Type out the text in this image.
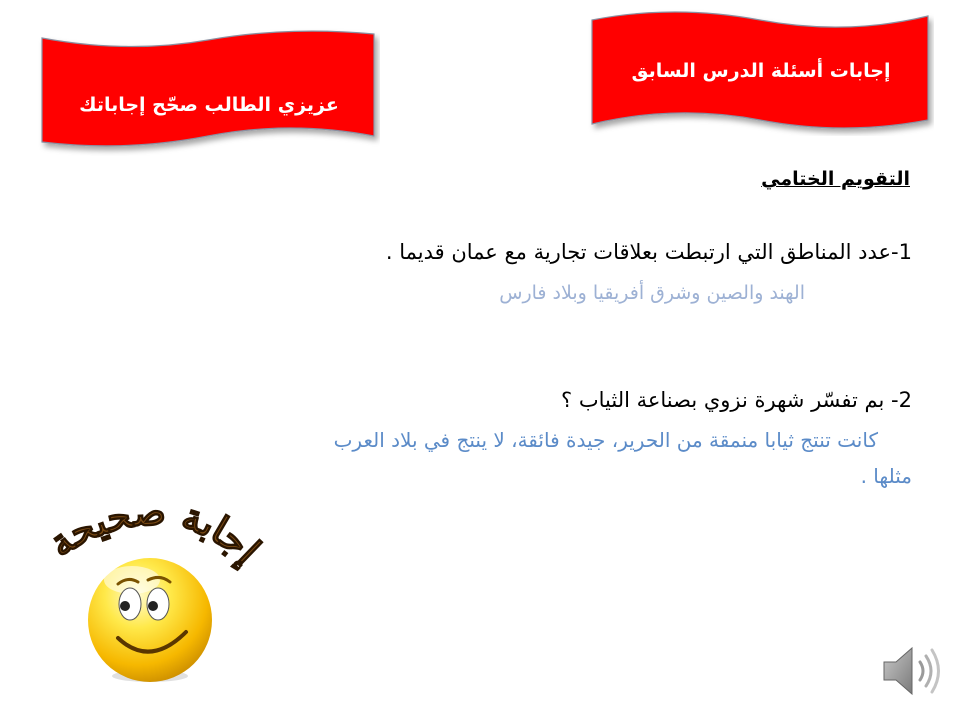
إجابات أسئلة الدرس السابق
عزيزي الطالب صحّح إجاباتك
التقويم الختامي
1-عدد المناطق التي ارتبطت بعلاقات تجارية مع عمان قديما .
الهند والصين وشرق أفريقيا وبلاد فارس
2- بم تفسّر شهرة نزوي بصناعة الثياب ؟
كانت تنتج ثيابا منمقة من الحرير، جيدة فائقة، لا ينتج في بلاد العرب
مثلها .
إجابة صحيحة
